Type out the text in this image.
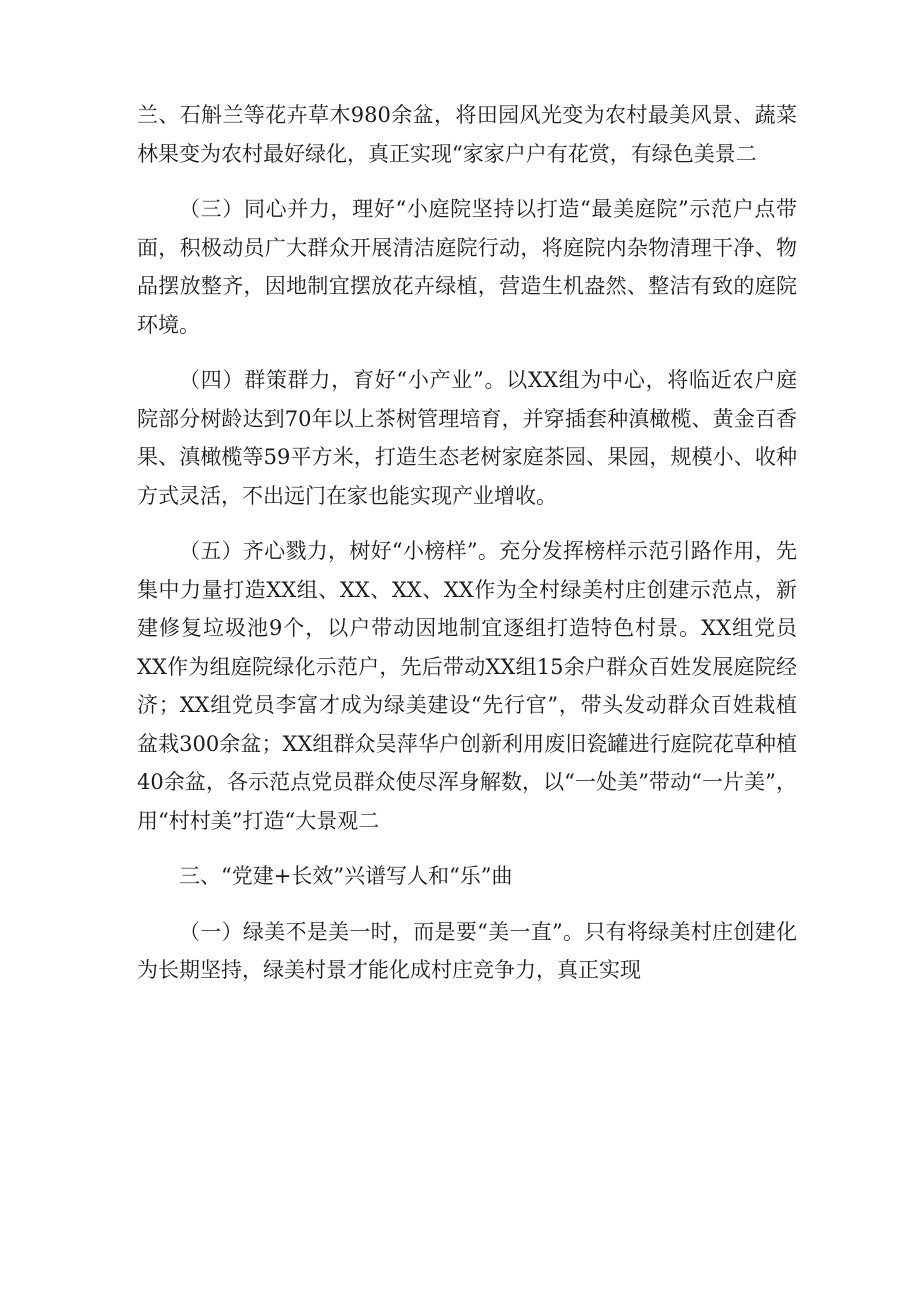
兰、石斛兰等花卉草木980余盆，将田园风光变为农村最美风景、蔬菜林果变为农村最好绿化，真正实现“家家户户有花赏，有绿色美景二

（三）同心并力，理好“小庭院坚持以打造“最美庭院”示范户点带面，积极动员广大群众开展清洁庭院行动，将庭院内杂物清理干净、物品摆放整齐，因地制宜摆放花卉绿植，营造生机盎然、整洁有致的庭院环境。

（四）群策群力，育好“小产业”。以XX组为中心，将临近农户庭院部分树龄达到70年以上茶树管理培育，并穿插套种滇橄榄、黄金百香果、滇橄榄等59平方米，打造生态老树家庭茶园、果园，规模小、收种方式灵活，不出远门在家也能实现产业增收。

（五）齐心戮力，树好“小榜样”。充分发挥榜样示范引路作用，先集中力量打造XX组、XX、XX、XX作为全村绿美村庄创建示范点，新建修复垃圾池9个，以户带动因地制宜逐组打造特色村景。XX组党员XX作为组庭院绿化示范户，先后带动XX组15余户群众百姓发展庭院经济；XX组党员李富才成为绿美建设“先行官”，带头发动群众百姓栽植盆栽300余盆；XX组群众吴萍华户创新利用废旧瓷罐进行庭院花草种植40余盆，各示范点党员群众使尽浑身解数，以“一处美”带动“一片美”，用“村村美”打造“大景观二

三、“党建+长效”兴谱写人和“乐”曲

（一）绿美不是美一时，而是要“美一直”。只有将绿美村庄创建化为长期坚持，绿美村景才能化成村庄竞争力，真正实现
